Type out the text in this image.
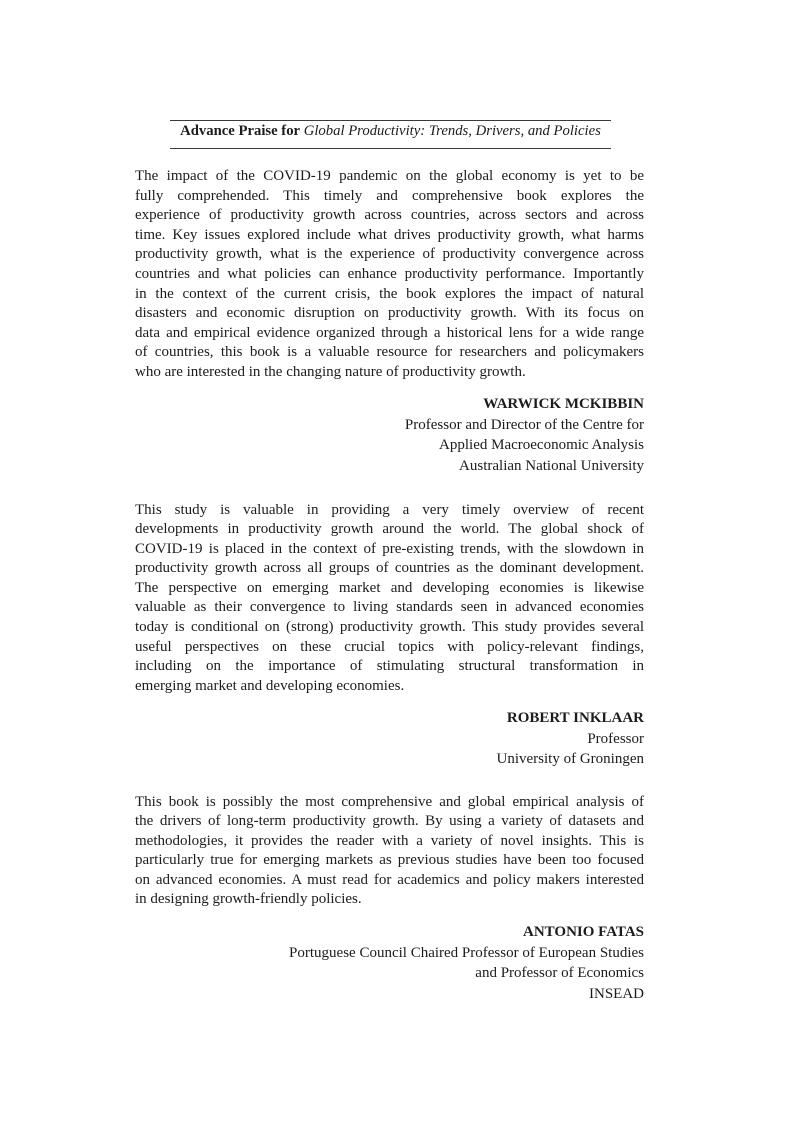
Advance Praise for Global Productivity: Trends, Drivers, and Policies
The impact of the COVID-19 pandemic on the global economy is yet to be
fully comprehended. This timely and comprehensive book explores the
experience of productivity growth across countries, across sectors and across
time. Key issues explored include what drives productivity growth, what harms
productivity growth, what is the experience of productivity convergence across
countries and what policies can enhance productivity performance. Importantly
in the context of the current crisis, the book explores the impact of natural
disasters and economic disruption on productivity growth. With its focus on
data and empirical evidence organized through a historical lens for a wide range
of countries, this book is a valuable resource for researchers and policymakers
who are interested in the changing nature of productivity growth.
WARWICK MCKIBBIN
Professor and Director of the Centre for
Applied Macroeconomic Analysis
Australian National University
This study is valuable in providing a very timely overview of recent
developments in productivity growth around the world. The global shock of
COVID-19 is placed in the context of pre-existing trends, with the slowdown in
productivity growth across all groups of countries as the dominant development.
The perspective on emerging market and developing economies is likewise
valuable as their convergence to living standards seen in advanced economies
today is conditional on (strong) productivity growth. This study provides several
useful perspectives on these crucial topics with policy-relevant findings,
including on the importance of stimulating structural transformation in
emerging market and developing economies.
ROBERT INKLAAR
Professor
University of Groningen
This book is possibly the most comprehensive and global empirical analysis of
the drivers of long-term productivity growth. By using a variety of datasets and
methodologies, it provides the reader with a variety of novel insights. This is
particularly true for emerging markets as previous studies have been too focused
on advanced economies. A must read for academics and policy makers interested
in designing growth-friendly policies.
ANTONIO FATAS
Portuguese Council Chaired Professor of European Studies
and Professor of Economics
INSEAD
